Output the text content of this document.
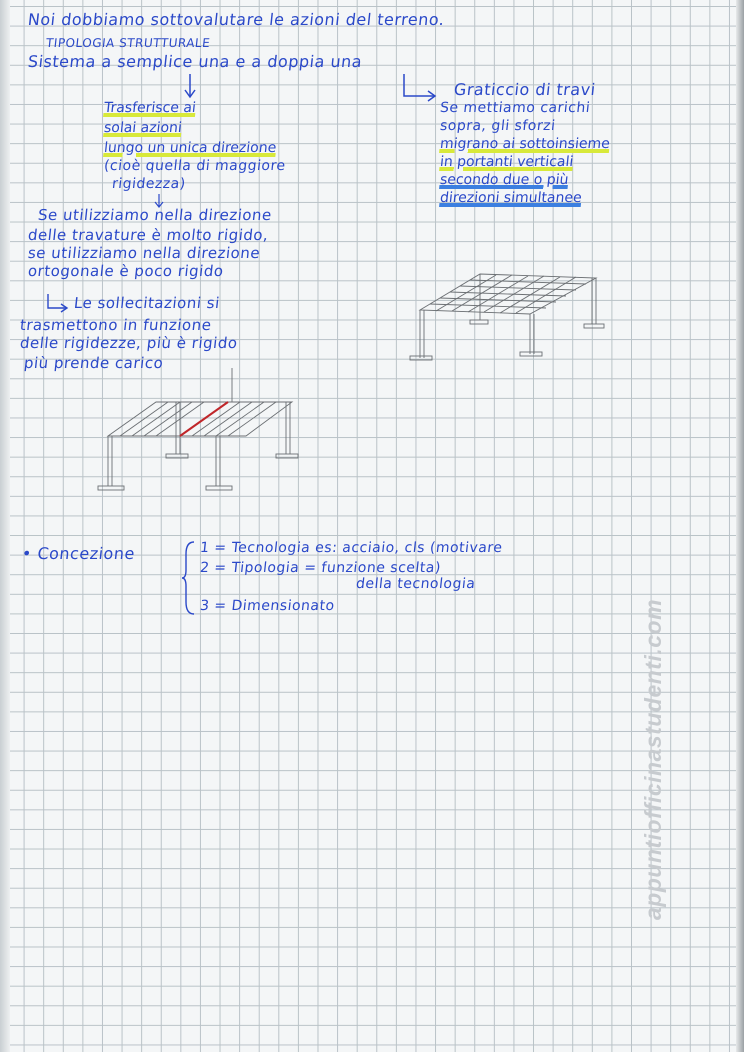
Noi dobbiamo sottovalutare le azioni del terreno.
TIPOLOGIA STRUTTURALE
Sistema a semplice una e a doppia una
Trasferisce ai
solai azioni
lungo un unica direzione
(cioè quella di maggiore
rigidezza)
Se utilizziamo nella direzione
delle travature è molto rigido,
se utilizziamo nella direzione
ortogonale è poco rigido
Le sollecitazioni si
trasmettono in funzione
delle rigidezze, più è rigido
più prende carico
Graticcio di travi
Se mettiamo carichi
sopra, gli sforzi
migrano ai sottoinsieme
in portanti verticali
secondo due o più
direzioni simultanee
• Concezione	1 = Tecnologia es: acciaio, cls (motivare
2 = Tipologia = funzione scelta)
della tecnologia
3 = Dimensionato	appuntiofficinastudenti.com
